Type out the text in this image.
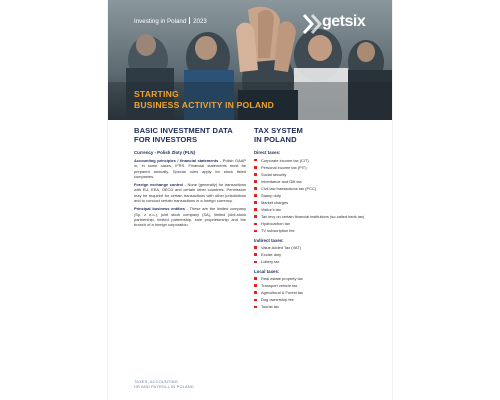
Investing in Poland 2023	getsix
STARTING
BUSINESS ACTIVITY IN POLAND
BASIC INVESTMENT DATA
FOR INVESTORS
Currency - Polish Zloty (PLN)

Accounting principles / financial statements - Polish GAAP or, in some cases, IFRS. Financial statements must be prepared annually. Special rules apply for stock listed companies.

Foreign exchange control - None (generally) for transactions with EU, EEA, OECD and certain other countries. Permission may be required for certain transactions with other jurisdictions and to conduct certain transactions in a foreign currency.

Principal business entities - These are the limited company (Sp. z o.o.), joint stock company (SA), limited joint-stock partnership, limited partnership, sole proprietorship and the branch of a foreign corporation.

TAX SYSTEM
IN POLAND
Direct taxes:
Corporate income tax (CIT)
Personal income tax (PIT)
Social security
Inheritance and Gift tax
Civil law transactions tax (PCC)
Stamp duty
Market charges
Visitor's tax
Tax levy on certain financial institutions (so-called bank tax)
Hydrocarbon tax
TV subscription fee
Indirect taxes:
Value Added Tax (VAT)
Excise duty
Lottery tax
Local taxes:
Real estate property tax
Transport vehicle tax
Agricultural & Forest tax
Dog ownership fee
Tourist tax
TAXES, ACCOUNTING
HR AND PAYROLL IN POLAND
